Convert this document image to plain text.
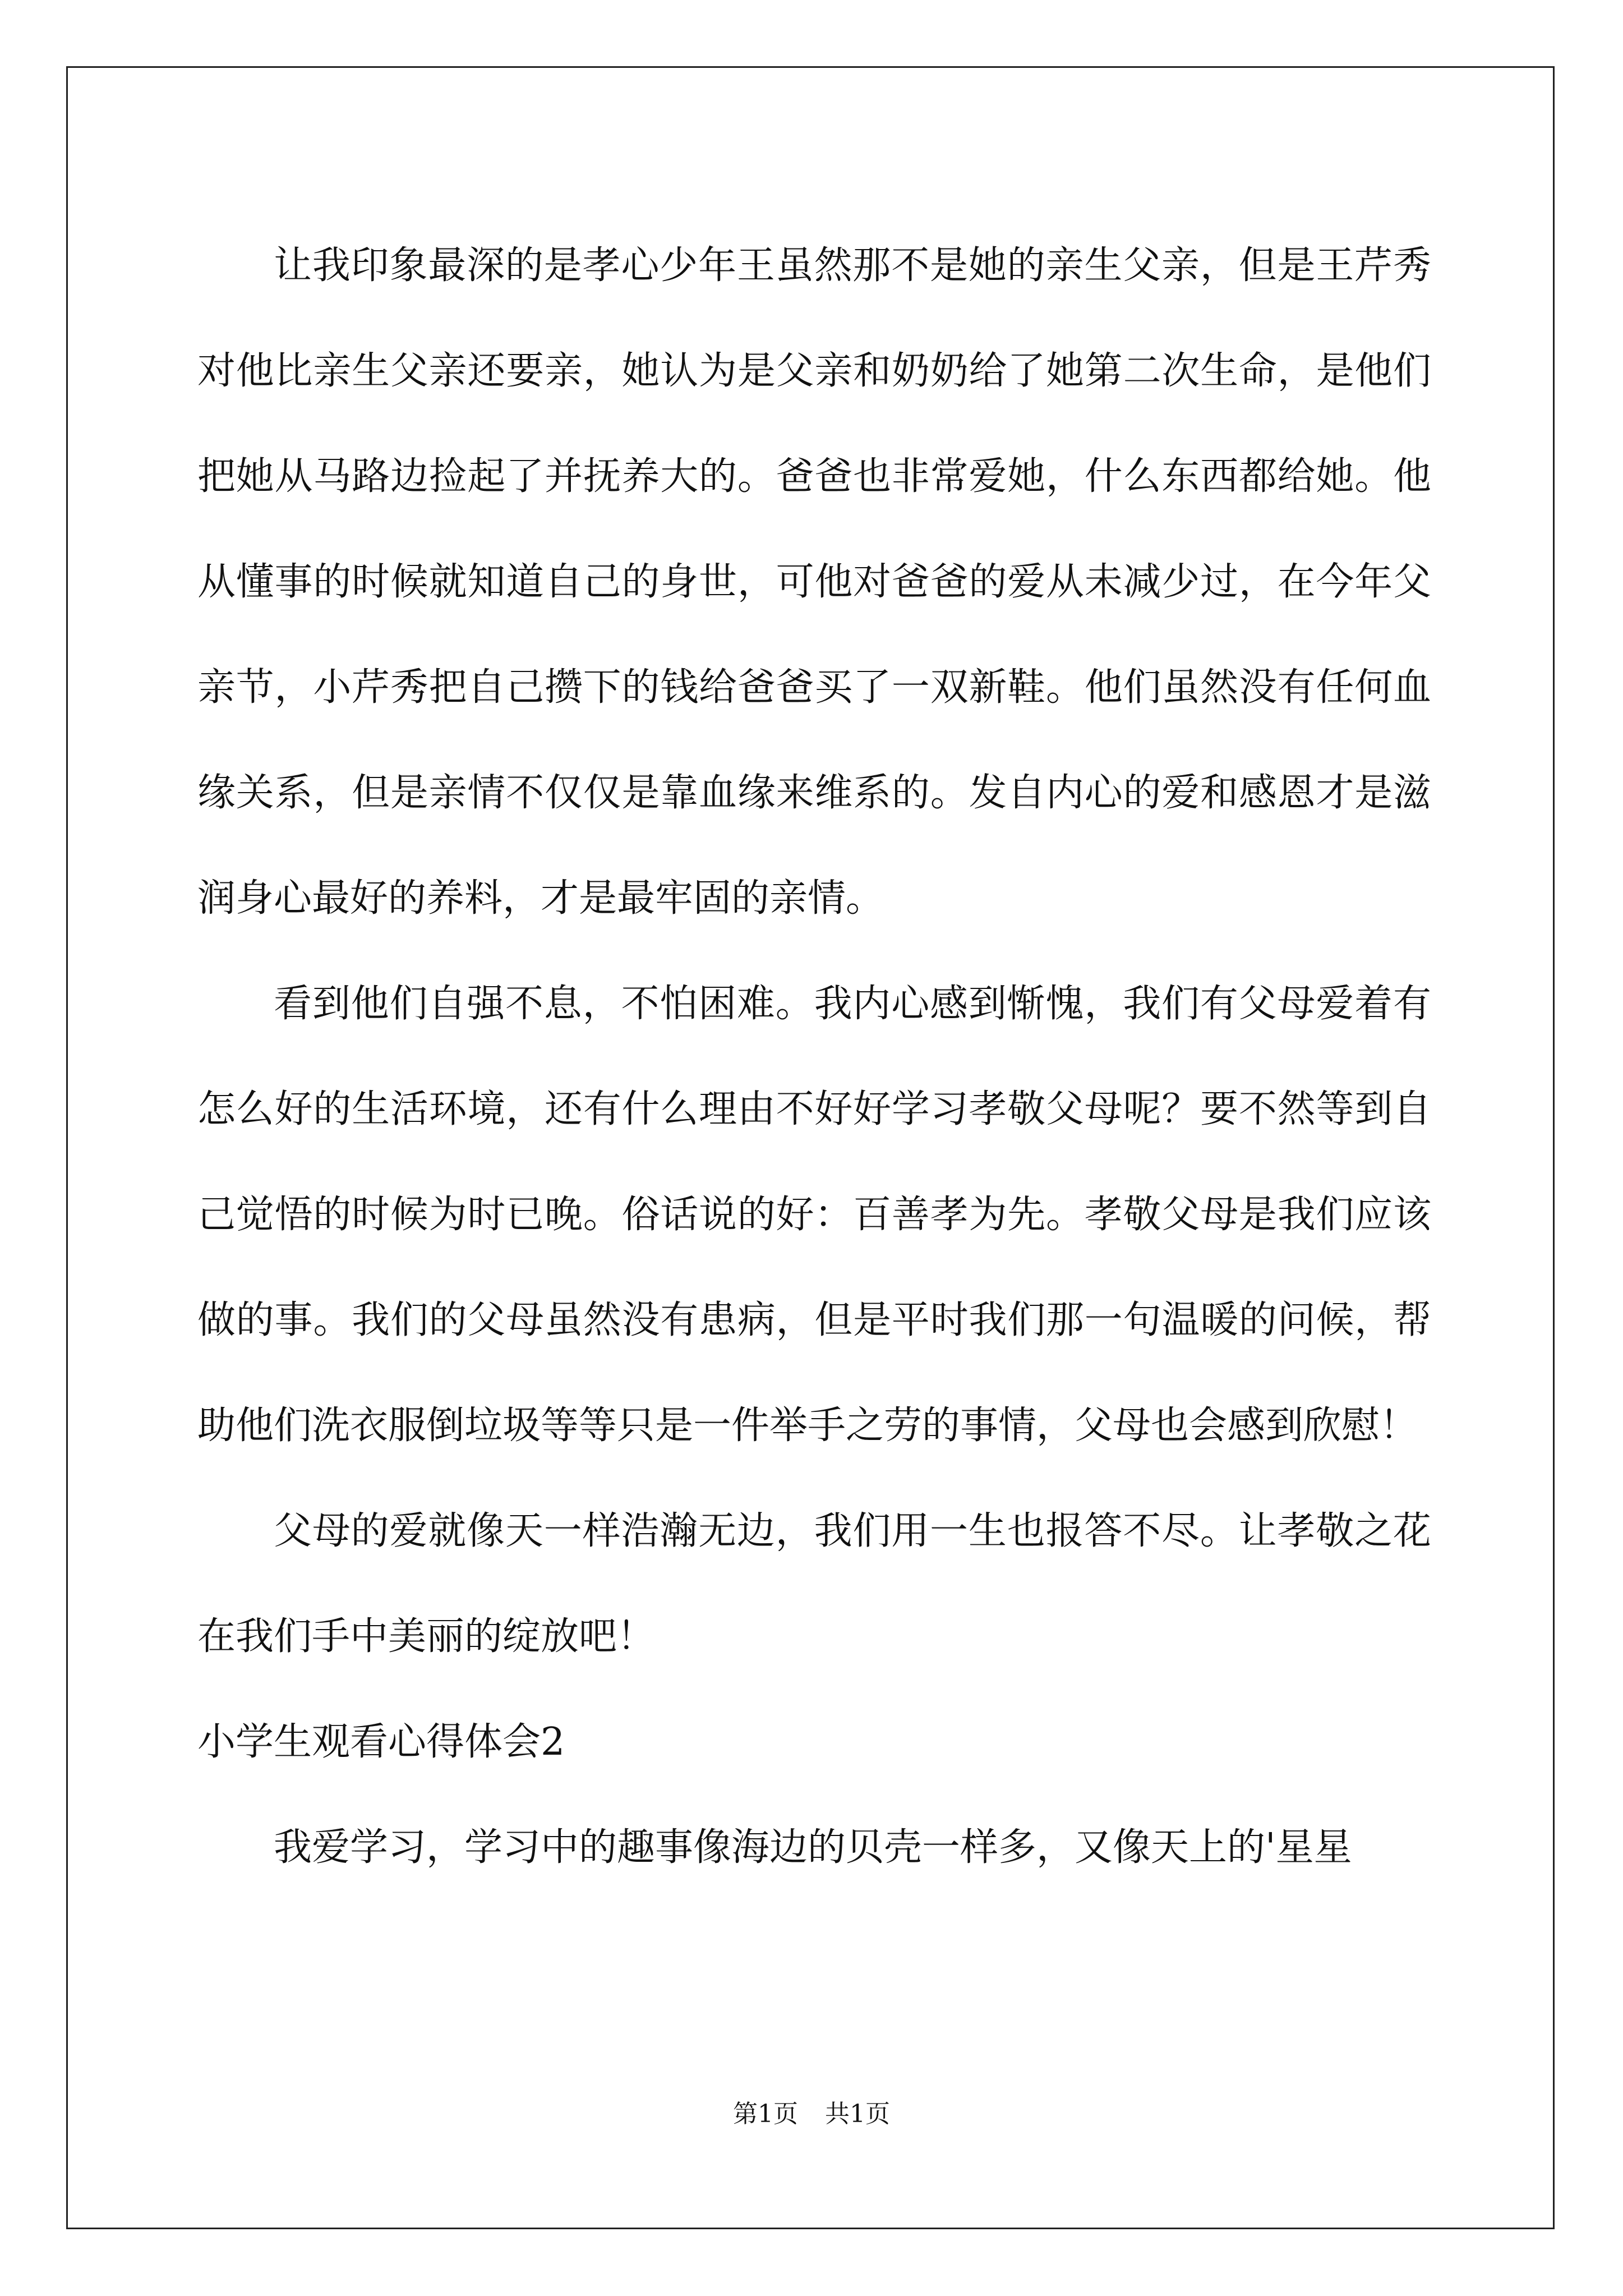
让我印象最深的是孝心少年王虽然那不是她的亲生父亲，但是王芹秀对他比亲生父亲还要亲，她认为是父亲和奶奶给了她第二次生命，是他们把她从马路边捡起了并抚养大的。爸爸也非常爱她，什么东西都给她。他从懂事的时候就知道自己的身世，可他对爸爸的爱从未减少过，在今年父亲节，小芹秀把自己攒下的钱给爸爸买了一双新鞋。他们虽然没有任何血缘关系，但是亲情不仅仅是靠血缘来维系的。发自内心的爱和感恩才是滋润身心最好的养料，才是最牢固的亲情。

看到他们自强不息，不怕困难。我内心感到惭愧，我们有父母爱着有怎么好的生活环境，还有什么理由不好好学习孝敬父母呢？要不然等到自己觉悟的时候为时已晚。俗话说的好：百善孝为先。孝敬父母是我们应该做的事。我们的父母虽然没有患病，但是平时我们那一句温暖的问候，帮助他们洗衣服倒垃圾等等只是一件举手之劳的事情，父母也会感到欣慰！

父母的爱就像天一样浩瀚无边，我们用一生也报答不尽。让孝敬之花在我们手中美丽的绽放吧！

小学生观看心得体会2

我爱学习，学习中的趣事像海边的贝壳一样多，又像天上的'星星

第1页 共1页
